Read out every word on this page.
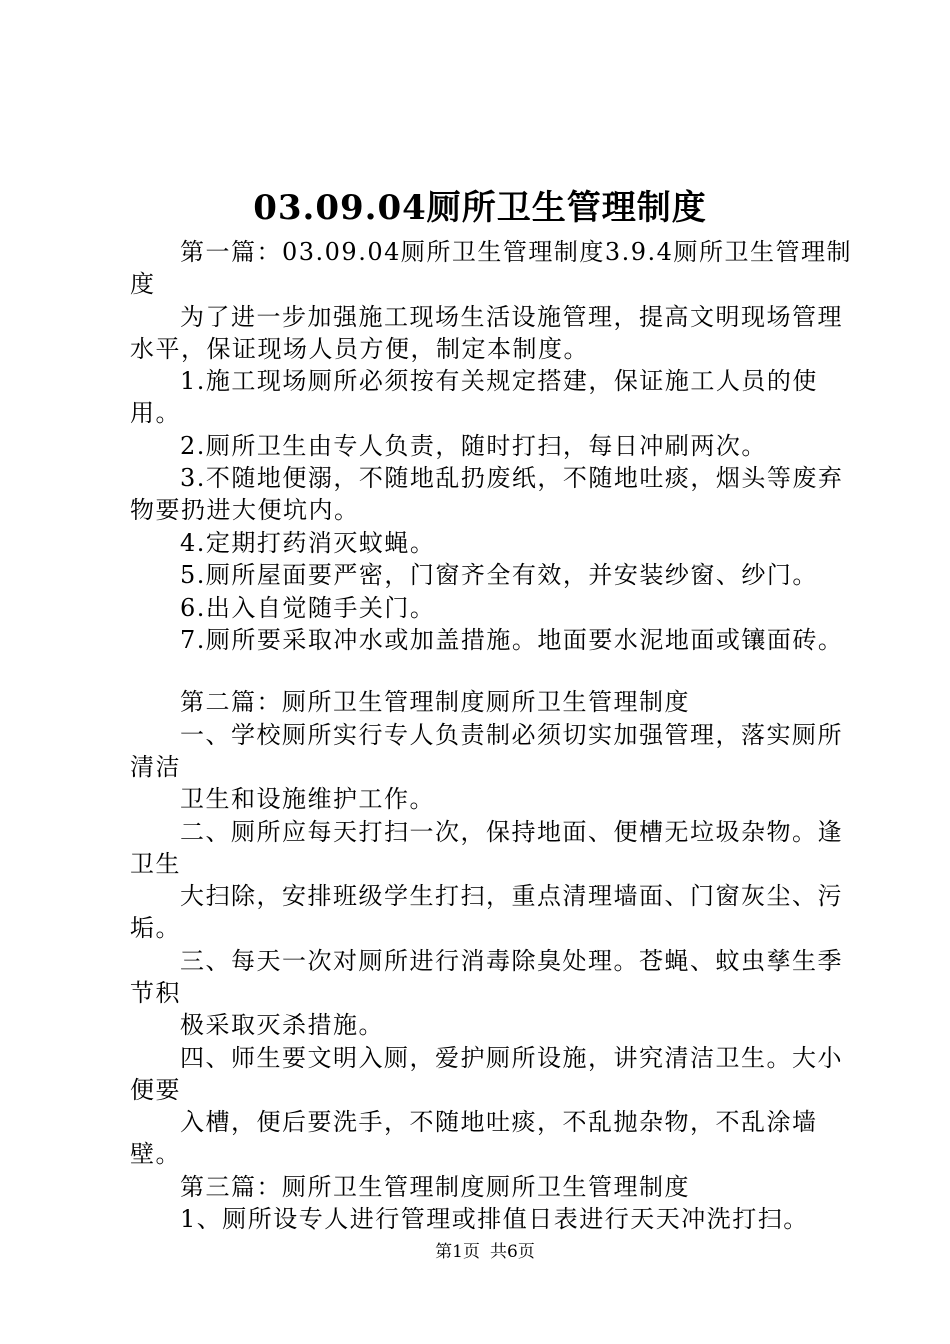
03.09.04厕所卫生管理制度

第一篇：03.09.04厕所卫生管理制度3.9.4厕所卫生管理制度

为了进一步加强施工现场生活设施管理，提高文明现场管理水平，保证现场人员方便，制定本制度。

1.施工现场厕所必须按有关规定搭建，保证施工人员的使用。

2.厕所卫生由专人负责，随时打扫，每日冲刷两次。

3.不随地便溺，不随地乱扔废纸，不随地吐痰，烟头等废弃物要扔进大便坑内。

4.定期打药消灭蚊蝇。

5.厕所屋面要严密，门窗齐全有效，并安装纱窗、纱门。

6.出入自觉随手关门。

7.厕所要采取冲水或加盖措施。地面要水泥地面或镶面砖。

第二篇：厕所卫生管理制度厕所卫生管理制度

一、学校厕所实行专人负责制必须切实加强管理，落实厕所清洁

卫生和设施维护工作。

二、厕所应每天打扫一次，保持地面、便槽无垃圾杂物。逢卫生

大扫除，安排班级学生打扫，重点清理墙面、门窗灰尘、污垢。

三、每天一次对厕所进行消毒除臭处理。苍蝇、蚊虫孳生季节积

极采取灭杀措施。

四、师生要文明入厕，爱护厕所设施，讲究清洁卫生。大小便要

入槽，便后要洗手，不随地吐痰，不乱抛杂物，不乱涂墙壁。

第三篇：厕所卫生管理制度厕所卫生管理制度

1、厕所设专人进行管理或排值日表进行天天冲洗打扫。

第1页 共6页
